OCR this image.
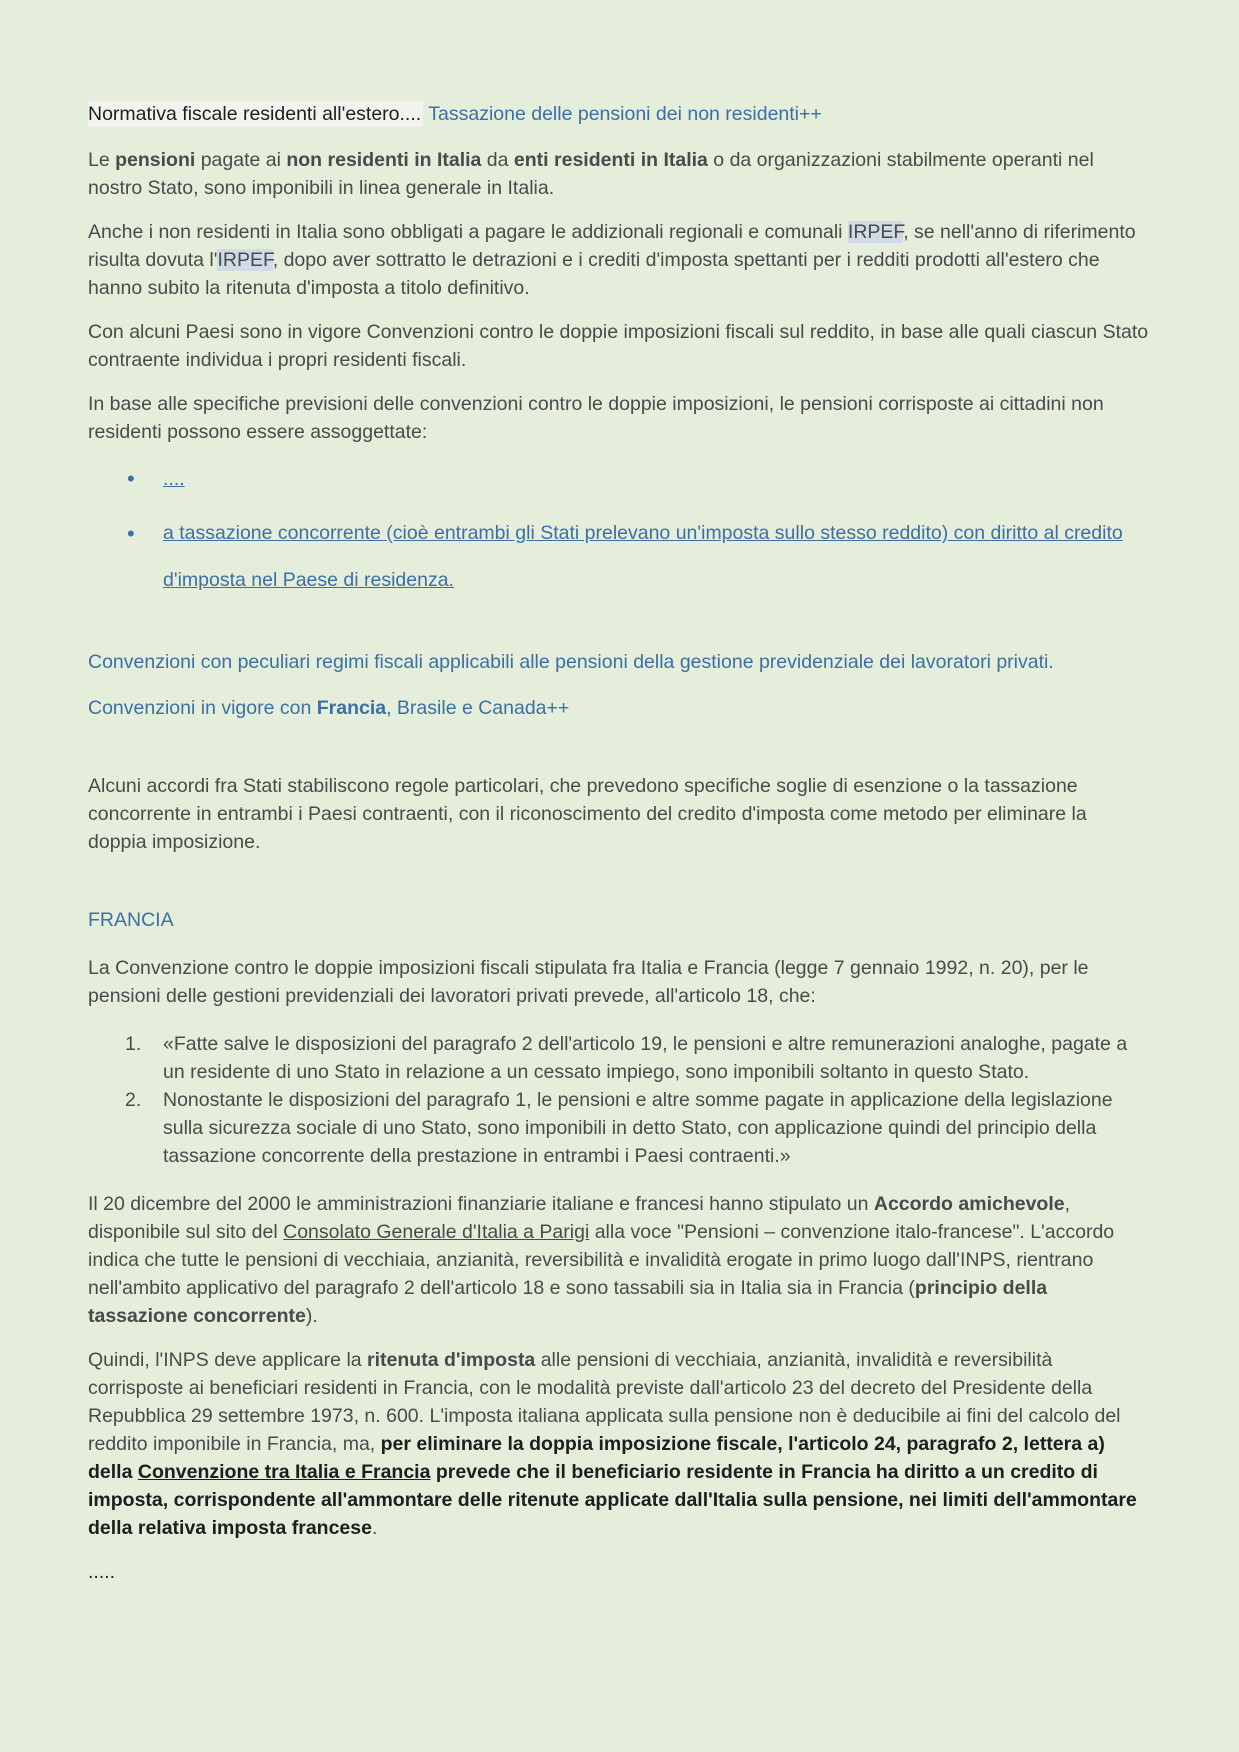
Normativa fiscale residenti all'estero.... Tassazione delle pensioni dei non residenti++

Le pensioni pagate ai non residenti in Italia da enti residenti in Italia o da organizzazioni stabilmente operanti nel nostro Stato, sono imponibili in linea generale in Italia.

Anche i non residenti in Italia sono obbligati a pagare le addizionali regionali e comunali IRPEF, se nell'anno di riferimento risulta dovuta l'IRPEF, dopo aver sottratto le detrazioni e i crediti d'imposta spettanti per i redditi prodotti all'estero che hanno subito la ritenuta d'imposta a titolo definitivo.

Con alcuni Paesi sono in vigore Convenzioni contro le doppie imposizioni fiscali sul reddito, in base alle quali ciascun Stato contraente individua i propri residenti fiscali.

In base alle specifiche previsioni delle convenzioni contro le doppie imposizioni, le pensioni corrisposte ai cittadini non residenti possono essere assoggettate:

• ....
• a tassazione concorrente (cioè entrambi gli Stati prelevano un'imposta sullo stesso reddito) con diritto al credito d'imposta nel Paese di residenza.

Convenzioni con peculiari regimi fiscali applicabili alle pensioni della gestione previdenziale dei lavoratori privati.

Convenzioni in vigore con Francia, Brasile e Canada++

Alcuni accordi fra Stati stabiliscono regole particolari, che prevedono specifiche soglie di esenzione o la tassazione concorrente in entrambi i Paesi contraenti, con il riconoscimento del credito d'imposta come metodo per eliminare la doppia imposizione.

FRANCIA

La Convenzione contro le doppie imposizioni fiscali stipulata fra Italia e Francia (legge 7 gennaio 1992, n. 20), per le pensioni delle gestioni previdenziali dei lavoratori privati prevede, all'articolo 18, che:

1. «Fatte salve le disposizioni del paragrafo 2 dell'articolo 19, le pensioni e altre remunerazioni analoghe, pagate a un residente di uno Stato in relazione a un cessato impiego, sono imponibili soltanto in questo Stato.
2. Nonostante le disposizioni del paragrafo 1, le pensioni e altre somme pagate in applicazione della legislazione sulla sicurezza sociale di uno Stato, sono imponibili in detto Stato, con applicazione quindi del principio della tassazione concorrente della prestazione in entrambi i Paesi contraenti.»

Il 20 dicembre del 2000 le amministrazioni finanziarie italiane e francesi hanno stipulato un Accordo amichevole, disponibile sul sito del Consolato Generale d'Italia a Parigi alla voce "Pensioni – convenzione italo-francese". L'accordo indica che tutte le pensioni di vecchiaia, anzianità, reversibilità e invalidità erogate in primo luogo dall'INPS, rientrano nell'ambito applicativo del paragrafo 2 dell'articolo 18 e sono tassabili sia in Italia sia in Francia (principio della tassazione concorrente).

Quindi, l'INPS deve applicare la ritenuta d'imposta alle pensioni di vecchiaia, anzianità, invalidità e reversibilità corrisposte ai beneficiari residenti in Francia, con le modalità previste dall'articolo 23 del decreto del Presidente della Repubblica 29 settembre 1973, n. 600. L'imposta italiana applicata sulla pensione non è deducibile ai fini del calcolo del reddito imponibile in Francia, ma, per eliminare la doppia imposizione fiscale, l'articolo 24, paragrafo 2, lettera a) della Convenzione tra Italia e Francia prevede che il beneficiario residente in Francia ha diritto a un credito di imposta, corrispondente all'ammontare delle ritenute applicate dall'Italia sulla pensione, nei limiti dell'ammontare della relativa imposta francese.

.....
